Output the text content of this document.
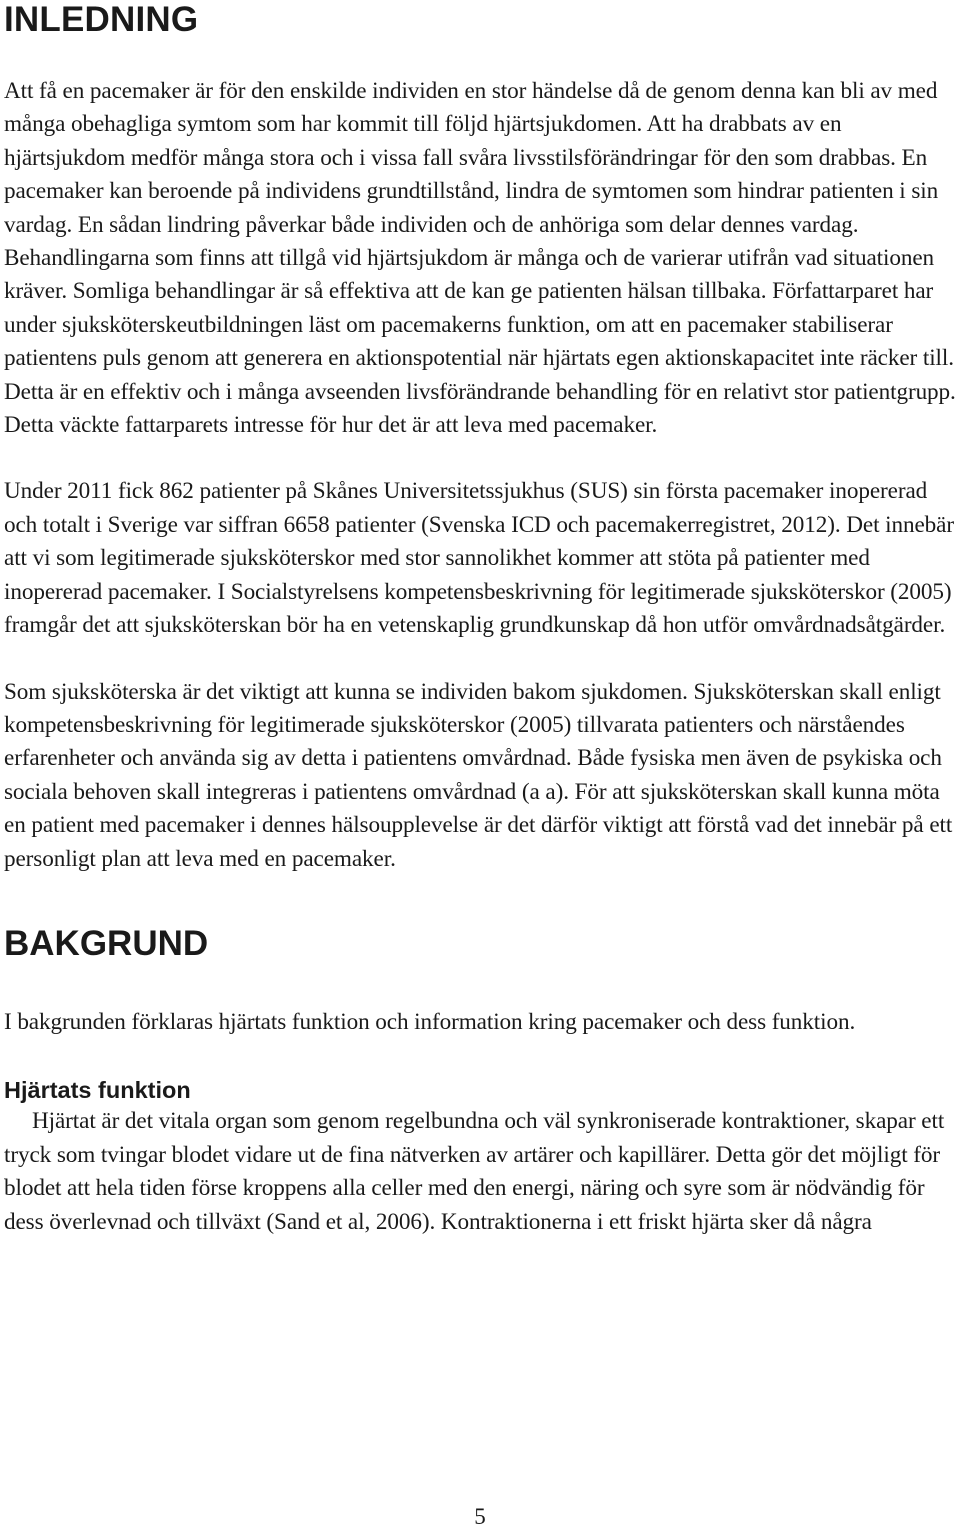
INLEDNING

Att få en pacemaker är för den enskilde individen en stor händelse då de genom denna kan bli av med många obehagliga symtom som har kommit till följd hjärtsjukdomen. Att ha drabbats av en hjärtsjukdom medför många stora och i vissa fall svåra livsstilsförändringar för den som drabbas. En pacemaker kan beroende på individens grundtillstånd, lindra de symtomen som hindrar patienten i sin vardag. En sådan lindring påverkar både individen och de anhöriga som delar dennes vardag. Behandlingarna som finns att tillgå vid hjärtsjukdom är många och de varierar utifrån vad situationen kräver. Somliga behandlingar är så effektiva att de kan ge patienten hälsan tillbaka. Författarparet har under sjuksköterskeutbildningen läst om pacemakerns funktion, om att en pacemaker stabiliserar patientens puls genom att generera en aktionspotential när hjärtats egen aktionskapacitet inte räcker till. Detta är en effektiv och i många avseenden livsförändrande behandling för en relativt stor patientgrupp. Detta väckte fattarparets intresse för hur det är att leva med pacemaker.

Under 2011 fick 862 patienter på Skånes Universitetssjukhus (SUS) sin första pacemaker inopererad och totalt i Sverige var siffran 6658 patienter (Svenska ICD och pacemakerregistret, 2012). Det innebär att vi som legitimerade sjuksköterskor med stor sannolikhet kommer att stöta på patienter med inopererad pacemaker. I Socialstyrelsens kompetensbeskrivning för legitimerade sjuksköterskor (2005) framgår det att sjuksköterskan bör ha en vetenskaplig grundkunskap då hon utför omvårdnadsåtgärder.

Som sjuksköterska är det viktigt att kunna se individen bakom sjukdomen. Sjuksköterskan skall enligt kompetensbeskrivning för legitimerade sjuksköterskor (2005) tillvarata patienters och närståendes erfarenheter och använda sig av detta i patientens omvårdnad. Både fysiska men även de psykiska och sociala behoven skall integreras i patientens omvårdnad (a a). För att sjuksköterskan skall kunna möta en patient med pacemaker i dennes hälsoupplevelse är det därför viktigt att förstå vad det innebär på ett personligt plan att leva med en pacemaker.

BAKGRUND

I bakgrunden förklaras hjärtats funktion och information kring pacemaker och dess funktion.

Hjärtats funktion

Hjärtat är det vitala organ som genom regelbundna och väl synkroniserade kontraktioner, skapar ett tryck som tvingar blodet vidare ut de fina nätverken av artärer och kapillärer. Detta gör det möjligt för blodet att hela tiden förse kroppens alla celler med den energi, näring och syre som är nödvändig för dess överlevnad och tillväxt (Sand et al, 2006). Kontraktionerna i ett friskt hjärta sker då några

5
